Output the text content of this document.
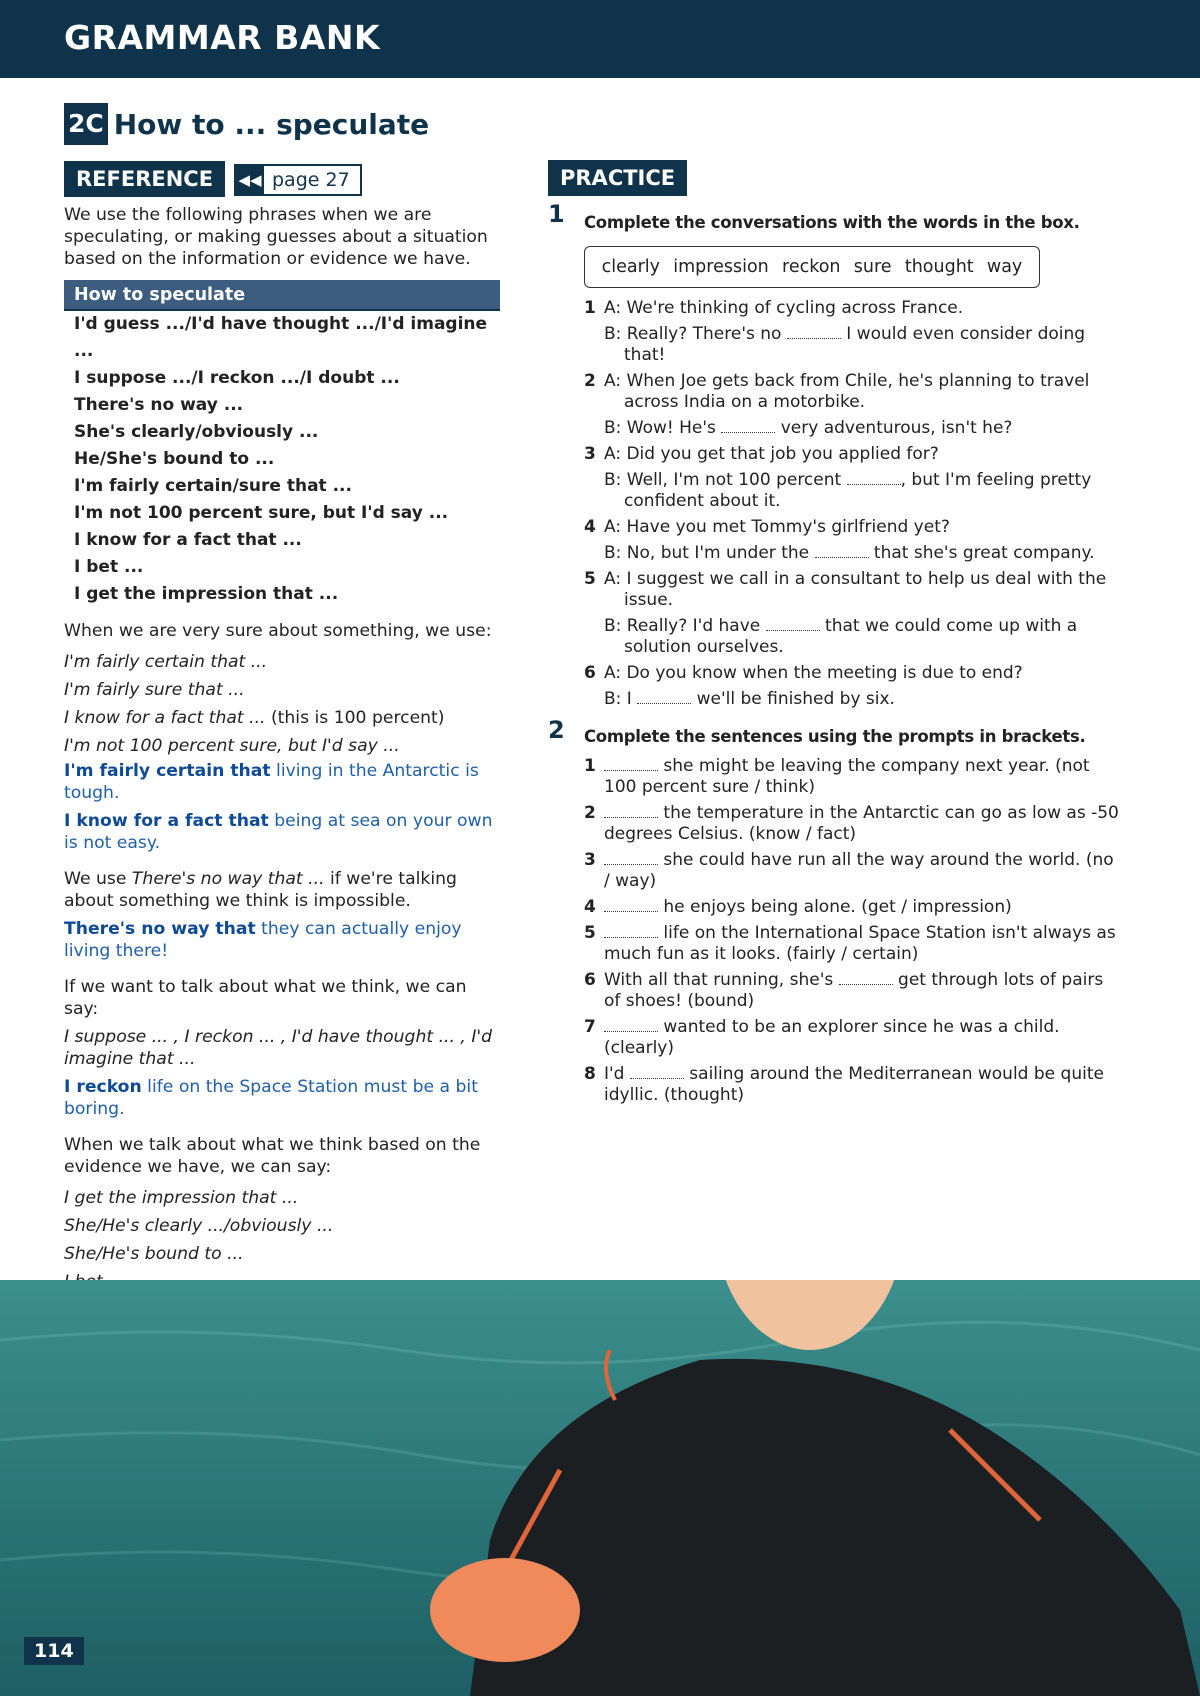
GRAMMAR BANK
2C How to ... speculate
REFERENCE	◀◀ page 27

We use the following phrases when we are speculating, or making guesses about a situation based on the information or evidence we have.

How to speculate
I'd guess .../I'd have thought .../I'd imagine ...
I suppose .../I reckon .../I doubt ...
There's no way ...
She's clearly/obviously ...
He/She's bound to ...
I'm fairly certain/sure that ...
I'm not 100 percent sure, but I'd say ...
I know for a fact that ...
I bet ...
I get the impression that ...

When we are very sure about something, we use:

I'm fairly certain that ...
I'm fairly sure that ...
I know for a fact that ... (this is 100 percent)
I'm not 100 percent sure, but I'd say ...

I'm fairly certain that living in the Antarctic is tough.

I know for a fact that being at sea on your own is not easy.

We use There's no way that ... if we're talking about something we think is impossible.

There's no way that they can actually enjoy living there!

If we want to talk about what we think, we can say:

I suppose ... , I reckon ... , I'd have thought ... , I'd imagine that ...

I reckon life on the Space Station must be a bit boring.

When we talk about what we think based on the evidence we have, we can say:

I get the impression that ...
She/He's clearly .../obviously ...
She/He's bound to ...

PRACTICE
1 Complete the conversations with the words in the box.
clearly impression reckon sure thought way
1 A: We're thinking of cycling across France.
B: Really? There's no	I would even consider doing that!
2 A: When Joe gets back from Chile, he's planning to travel across India on a motorbike.
B: Wow! He's	very adventurous, isn't he?
3 A: Did you get that job you applied for?
B: Well, I'm not 100 percent	, but I'm feeling pretty confident about it.
4 A: Have you met Tommy's girlfriend yet?
B: No, but I'm under the	that she's great company.
5 A: I suggest we call in a consultant to help us deal with the issue.
B: Really? I'd have	that we could come up with a solution ourselves.
6 A: Do you know when the meeting is due to end?
B: I	we'll be finished by six.
2 Complete the sentences using the prompts in brackets.
1	she might be leaving the company next year. (not 100 percent sure / think)
2	the temperature in the Antarctic can go as low as -50 degrees Celsius. (know / fact)
3	she could have run all the way around the world. (no / way)
4	he enjoys being alone. (get / impression)
5	life on the International Space Station isn't always as much fun as it looks. (fairly / certain)
6 With all that running, she's	get through lots of pairs of shoes! (bound)
7	wanted to be an explorer since he was a child. (clearly)
8 I'd	sailing around the Mediterranean would be quite idyllic. (thought)
114
